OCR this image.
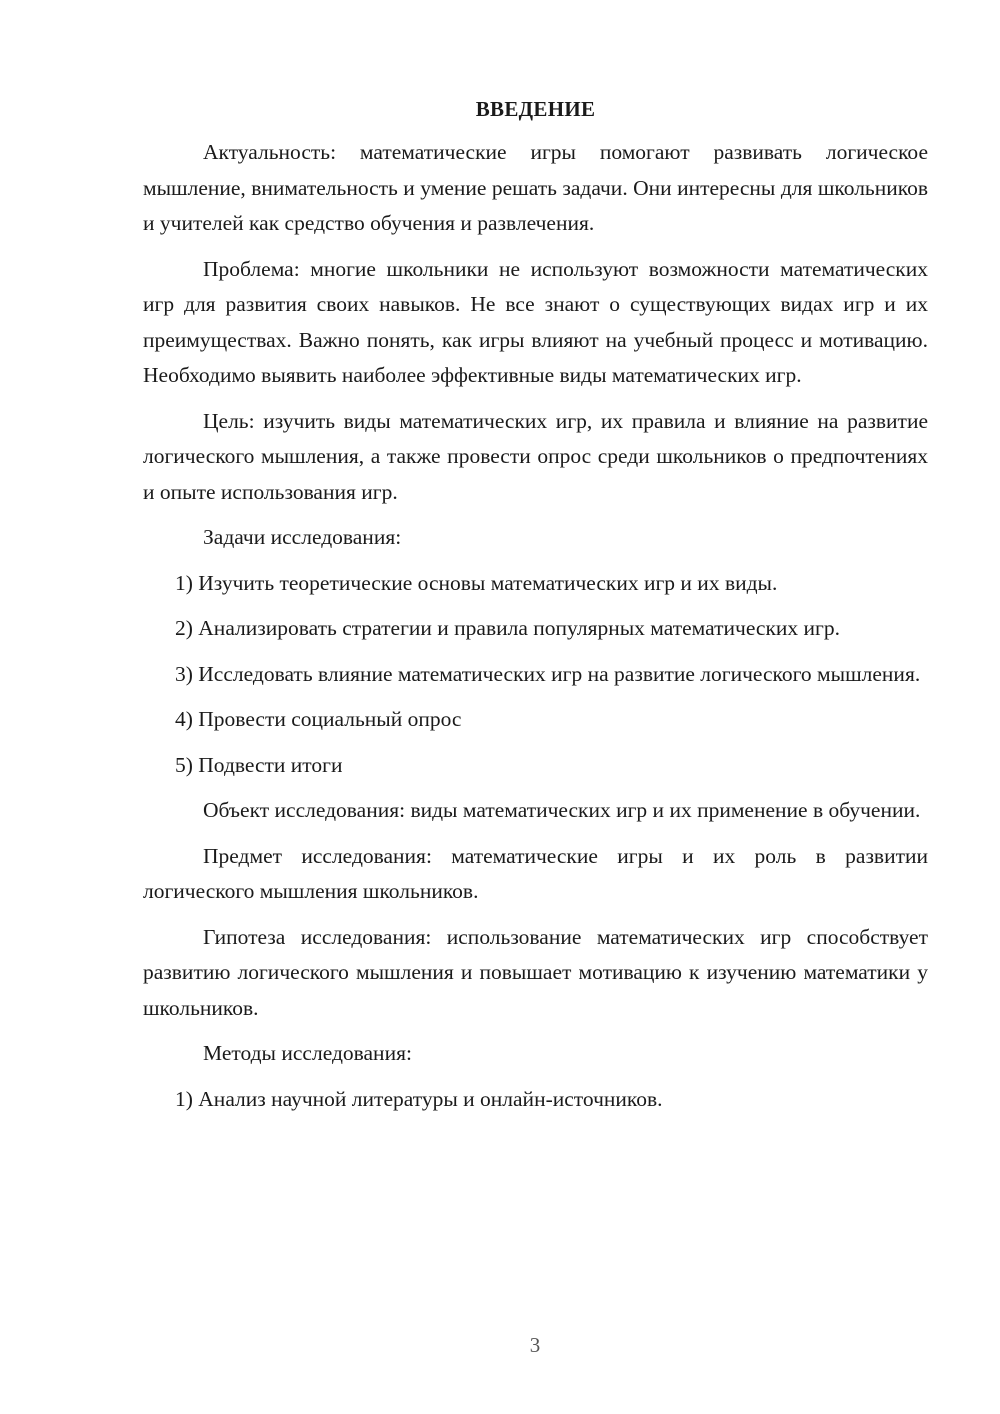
ВВЕДЕНИЕ

Актуальность: математические игры помогают развивать логическое мышление, внимательность и умение решать задачи. Они интересны для школьников и учителей как средство обучения и развлечения.

Проблема: многие школьники не используют возможности математических игр для развития своих навыков. Не все знают о существующих видах игр и их преимуществах. Важно понять, как игры влияют на учебный процесс и мотивацию. Необходимо выявить наиболее эффективные виды математических игр.

Цель: изучить виды математических игр, их правила и влияние на развитие логического мышления, а также провести опрос среди школьников о предпочтениях и опыте использования игр.

Задачи исследования:

1) Изучить теоретические основы математических игр и их виды.

2) Анализировать стратегии и правила популярных математических игр.

3) Исследовать влияние математических игр на развитие логического мышления.

4) Провести социальный опрос

5) Подвести итоги

Объект исследования: виды математических игр и их применение в обучении.

Предмет исследования: математические игры и их роль в развитии логического мышления школьников.

Гипотеза исследования: использование математических игр способствует развитию логического мышления и повышает мотивацию к изучению математики у школьников.

Методы исследования:

1) Анализ научной литературы и онлайн-источников.

3
